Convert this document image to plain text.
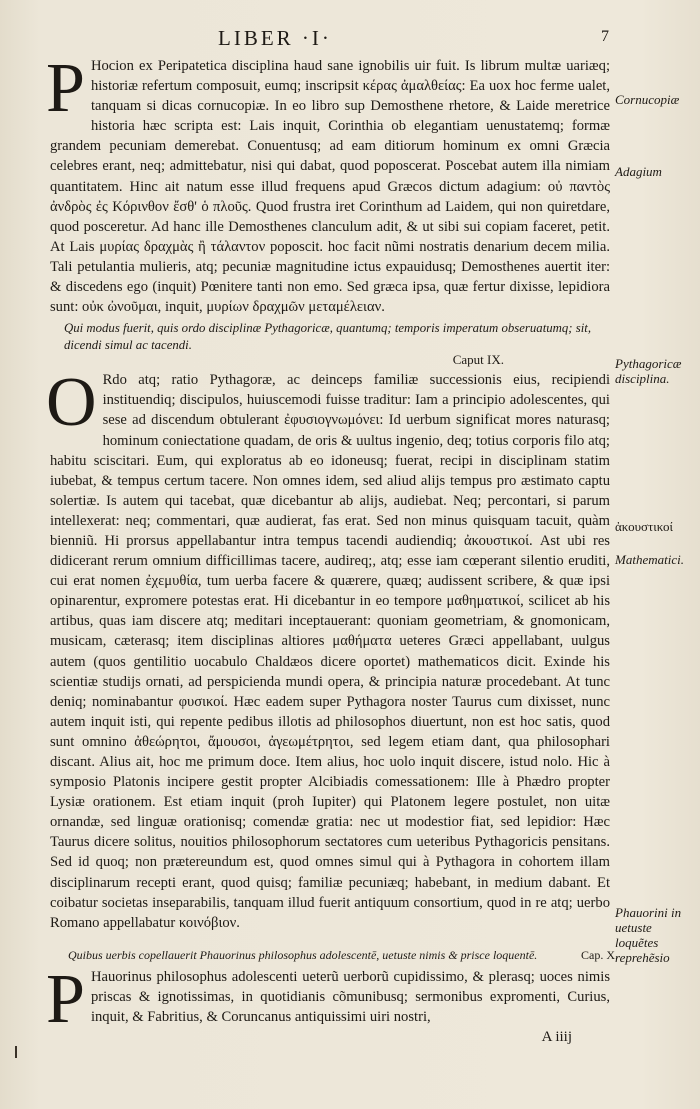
LIBER ·I·	7

P Hocion ex Peripatetica disciplina haud sane ignobilis uir fuit. Is librum multæ uariæq; historiæ refertum composuit, eumq; inscripsit κέρας ἀμαλθείας: Ea uox hoc ferme ualet, tanquam si dicas cornucopiæ. In eo libro sup Demosthene rhetore, & Laide meretrice historia hæc scripta est: Lais inquit, Corinthia ob elegantiam uenustatemq; formæ grandem pecuniam demerebat. Conuentusq; ad eam ditiorum hominum ex omni Græcia celebres erant, neq; admittebatur, nisi qui dabat, quod poposcerat. Poscebat autem illa nimiam quantitatem. Hinc ait natum esse illud frequens apud Græcos dictum adagium: οὐ παντὸς ἀνδρὸς ἐς Κόρινθον ἔσθ' ὁ πλοῦς. Quod frustra iret Corinthum ad Laidem, qui non quiretdare, quod posceretur. Ad hanc ille Demosthenes clanculum adit, & ut sibi sui copiam faceret, petit. At Lais μυρίας δραχμὰς ἢ τάλαντον poposcit. hoc facit nũmi nostratis denarium decem milia. Tali petulantia mulieris, atq; pecuniæ magnitudine ictus expauidusq; Demosthenes auertit iter: & discedens ego (inquit) Pœnitere tanti non emo. Sed græca ipsa, quæ fertur dixisse, lepidiora sunt: οὐκ ὠνοῦμαι, inquit, μυρίων δραχμῶν μεταμέλειαν.

Qui modus fuerit, quis ordo disciplinæ Pythagoricæ, quantumq; temporis imperatum obseruatumq; sit, dicendi simul ac tacendi.
Caput IX.

O Rdo atq; ratio Pythagoræ, ac deinceps familiæ successionis eius, recipiendi instituendiq; discipulos, huiuscemodi fuisse traditur: Iam a principio adolescentes, qui sese ad discendum obtulerant ἐφυσιογνωμόνει: Id uerbum significat mores naturasq; hominum coniectatione quadam, de oris & uultus ingenio, deq; totius corporis filo atq; habitu sciscitari. Eum, qui exploratus ab eo idoneusq; fuerat, recipi in disciplinam statim iubebat, & tempus certum tacere. Non omnes idem, sed aliud alijs tempus pro æstimato captu solertiæ. Is autem qui tacebat, quæ dicebantur ab alijs, audiebat. Neq; percontari, si parum intellexerat: neq; commentari, quæ audierat, fas erat. Sed non minus quisquam tacuit, quàm bienniũ. Hi prorsus appellabantur intra tempus tacendi audiendiq; ἀκουστικοί. Ast ubi res didicerant rerum omnium difficillimas tacere, audireq;, atq; esse iam cœperant silentio eruditi, cui erat nomen ἐχεμυθία, tum uerba facere & quærere, quæq; audissent scribere, & quæ ipsi opinarentur, expromere potestas erat. Hi dicebantur in eo tempore μαθηματικοί, scilicet ab his artibus, quas iam discere atq; meditari inceptauerant: quoniam geometriam, & gnomonicam, musicam, cæterasq; item disciplinas altiores μαθήματα ueteres Græci appellabant, uulgus autem (quos gentilitio uocabulo Chaldæos dicere oportet) mathematicos dicit. Exinde his scientiæ studijs ornati, ad perspicienda mundi opera, & principia naturæ procedebant. At tunc deniq; nominabantur φυσικοί. Hæc eadem super Pythagora noster Taurus cum dixisset, nunc autem inquit isti, qui repente pedibus illotis ad philosophos diuertunt, non est hoc satis, quod sunt omnino ἀθεώρητοι, ἄμουσοι, ἀγεωμέτρητοι, sed legem etiam dant, qua philosophari discant. Alius ait, hoc me primum doce. Item alius, hoc uolo inquit discere, istud nolo. Hic à symposio Platonis incipere gestit propter Alcibiadis comessationem: Ille à Phædro propter Lysiæ orationem. Est etiam inquit (proh Iupiter) qui Platonem legere postulet, non uitæ ornandæ, sed linguæ orationisq; comendæ gratia: nec ut modestior fiat, sed lepidior: Hæc Taurus dicere solitus, nouitios philosophorum sectatores cum ueteribus Pythagoricis pensitans. Sed id quoq; non prætereundum est, quod omnes simul qui à Pythagora in cohortem illam disciplinarum recepti erant, quod quisq; familiæ pecuniæq; habebant, in medium dabant. Et coibatur societas inseparabilis, tanquam illud fuerit antiquum consortium, quod in re atq; uerbo Romano appellabatur κοινόβιον.

Cap. X.
Quibus uerbis copellauerit Phauorinus philosophus adolescentē, uetuste nimis & prisce loquentē.

P Hauorinus philosophus adolescenti ueterũ uerborũ cupidissimo, & plerasq; uoces nimis priscas & ignotissimas, in quotidianis cõmunibusq; sermonibus expromenti, Curius, inquit, & Fabritius, & Coruncanus antiquissimi uiri nostri,

A iiij
Cornucopiæ
Adagium
Pythagoricæ disciplina.
ἀκουστικοί
Mathematici.
Phauorini in uetuste loquẽtes reprehẽsio
